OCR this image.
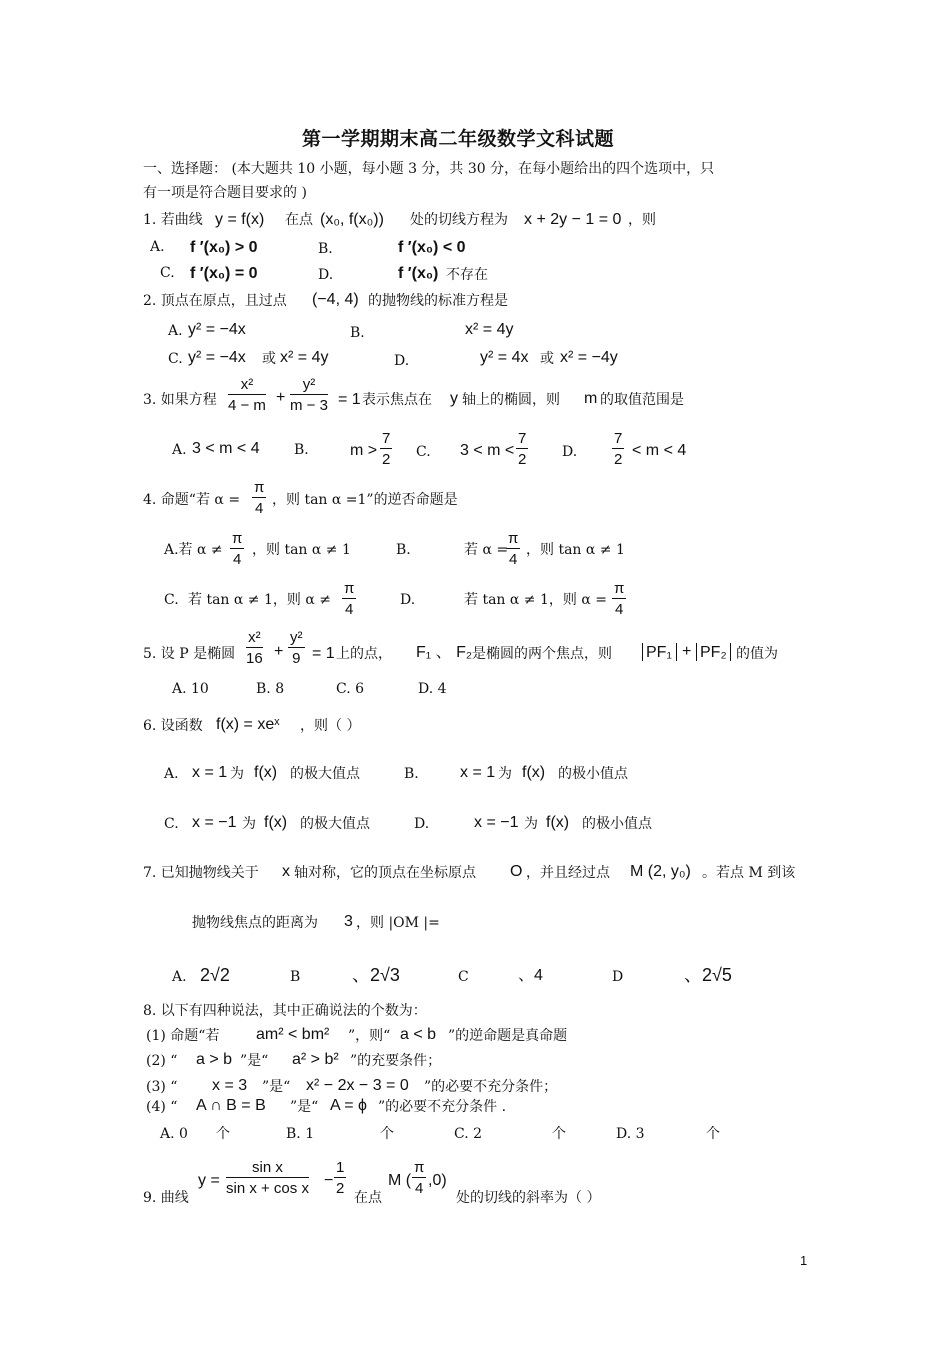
第一学期期末高二年级数学文科试题
一、选择题： (本大题共 10 小题，每小题 3 分，共 30 分，在每小题给出的四个选项中，只
有一项是符合题目要求的 )
1. 若曲线 y = f(x) 在点 (x₀, f(x₀)) 处的切线方程为 x + 2y − 1 = 0 ，则
A. f ′(x₀) > 0	B.	f ′(x₀) < 0
C. f ′(x₀) = 0	D.	f ′(x₀) 不存在
2. 顶点在原点，且过点 (−4, 4) 的抛物线的标准方程是
A. y² = −4x	B.	x² = 4y
C. y² = −4x 或 x² = 4y	D.	y² = 4x 或 x² = −4y
3. 如果方程 $\frac{\text{x²}}{4 - m} + \frac{\text{y²}}{m - 3} = 1$ 表示焦点在 y 轴上的椭圆，则 m 的取值范围是
A. 3 < m < 4 B.	$m > \frac{7}{2} C$. $3 < m < \frac{7}{2} D$. $\frac{7}{2} < m < 4$
4. 命题“若 $\alpha = \frac{\pi}{4}$ ，则 tan α =1”的逆否命题是
A.若 $\alpha \ne \frac{\pi}{4}$ ，则 tan α ≠ 1	B.	若 α =
$\frac{\pi}{4}$ ，则 tan α ≠ 1
C. 若 tan α ≠ 1，则 $\alpha \ne \frac{\pi}{4}$	D.	若 tan α ≠ 1，则 $\alpha = \frac{\pi}{4}$
5. 设 P 是椭圆 $\frac{\text{x²}}{16} + \frac{\text{y²}}{9} = 1$ 上的点， F₁ 、 F₂ 是椭圆的两个焦点，则 PF₁ + PF₂ 的值为
A. 10	B. 8	C. 6	D. 4
6. 设函数 f(x) = xeˣ ，则（ ）
A. x = 1 为 f(x) 的极大值点	B.	x = 1 为 f(x) 的极小值点
C. x = −1 为 f(x) 的极大值点	D.	x = −1 为 f(x) 的极小值点
7. 已知抛物线关于 x 轴对称，它的顶点在坐标原点 O ，并且经过点 M (2, y₀) 。若点 M 到该
抛物线焦点的距离为 3 ，则 |OM |=
A. 2√2	B	、2√3	C	、4	D	、2√5
8. 以下有四种说法，其中正确说法的个数为：
(1) 命题“若 am² < bm² ”，则“ a < b ”的逆命题是真命题
(2) “ a > b ”是“ a² > b² ”的充要条件；
(3) “ x = 3 ”是“ x² − 2x − 3 = 0 ”的必要不充分条件；
(4) “ A ∩ B = B ”是“ A = ϕ ”的必要不充分条件 .
A. 0 个	B. 1	个	C. 2	个	D. 3	个
9. 曲线
$y = \frac{\text{sin x}}{\text{sin x + cos x}} - \frac{1}{2}$
在点
M ( $\frac{\pi}{4} ,0$)
处的切线的斜率为（ ）
1
